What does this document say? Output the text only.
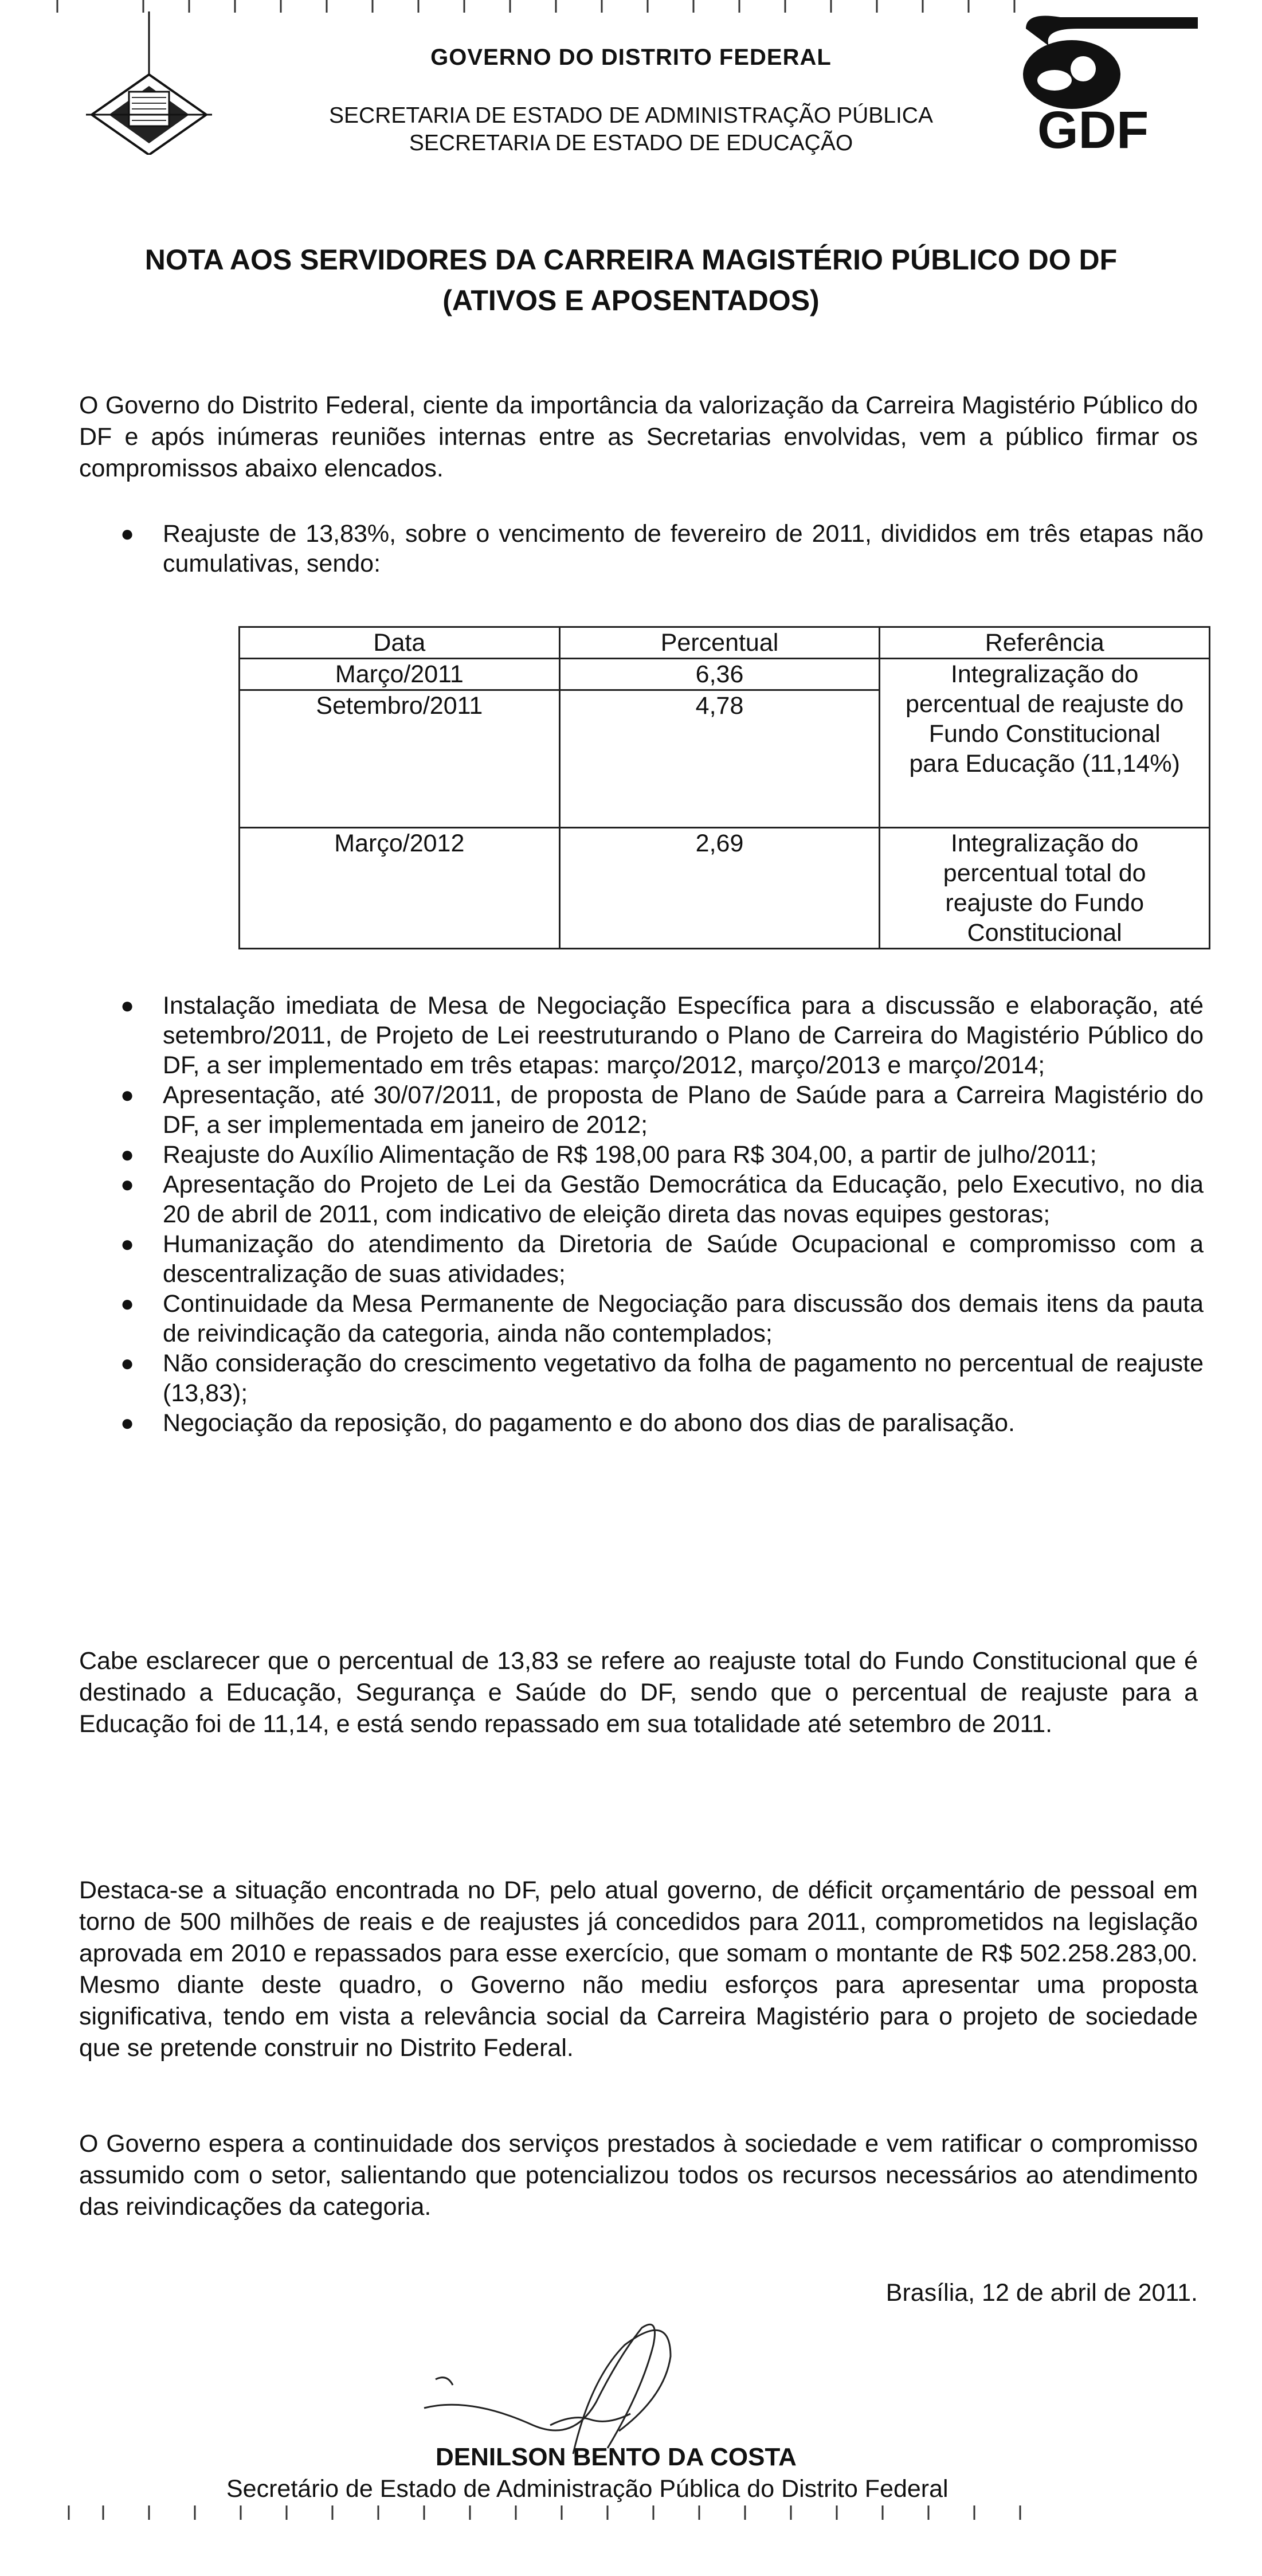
GOVERNO DO DISTRITO FEDERAL
SECRETARIA DE ESTADO DE ADMINISTRAÇÃO PÚBLICA
SECRETARIA DE ESTADO DE EDUCAÇÃO	GDF
NOTA AOS SERVIDORES DA CARREIRA MAGISTÉRIO PÚBLICO DO DF
(ATIVOS E APOSENTADOS)
O Governo do Distrito Federal, ciente da importância da valorização da Carreira Magistério Público do DF e após inúmeras reuniões internas entre as Secretarias envolvidas, vem a público firmar os compromissos abaixo elencados.

● Reajuste de 13,83%, sobre o vencimento de fevereiro de 2011, divididos em três etapas não cumulativas, sendo:

Data	Percentual	Referência
Março/2011	6,36	Integralização do percentual de reajuste do Fundo Constitucional para Educação (11,14%)
Setembro/2011	4,78	
Março/2012	2,69	Integralização do percentual total do reajuste do Fundo Constitucional

● Instalação imediata de Mesa de Negociação Específica para a discussão e elaboração, até setembro/2011, de Projeto de Lei reestruturando o Plano de Carreira do Magistério Público do DF, a ser implementado em três etapas: março/2012, março/2013 e março/2014;

● Apresentação, até 30/07/2011, de proposta de Plano de Saúde para a Carreira Magistério do DF, a ser implementada em janeiro de 2012;

● Reajuste do Auxílio Alimentação de R$ 198,00 para R$ 304,00, a partir de julho/2011;

● Apresentação do Projeto de Lei da Gestão Democrática da Educação, pelo Executivo, no dia 20 de abril de 2011, com indicativo de eleição direta das novas equipes gestoras;

● Humanização do atendimento da Diretoria de Saúde Ocupacional e compromisso com a descentralização de suas atividades;

● Continuidade da Mesa Permanente de Negociação para discussão dos demais itens da pauta de reivindicação da categoria, ainda não contemplados;

● Não consideração do crescimento vegetativo da folha de pagamento no percentual de reajuste (13,83);

● Negociação da reposição, do pagamento e do abono dos dias de paralisação.

Cabe esclarecer que o percentual de 13,83 se refere ao reajuste total do Fundo Constitucional que é destinado a Educação, Segurança e Saúde do DF, sendo que o percentual de reajuste para a Educação foi de 11,14, e está sendo repassado em sua totalidade até setembro de 2011.
Destaca-se a situação encontrada no DF, pelo atual governo, de déficit orçamentário de pessoal em torno de 500 milhões de reais e de reajustes já concedidos para 2011, comprometidos na legislação aprovada em 2010 e repassados para esse exercício, que somam o montante de R$ 502.258.283,00. Mesmo diante deste quadro, o Governo não mediu esforços para apresentar uma proposta significativa, tendo em vista a relevância social da Carreira Magistério para o projeto de sociedade que se pretende construir no Distrito Federal.
O Governo espera a continuidade dos serviços prestados à sociedade e vem ratificar o compromisso assumido com o setor, salientando que potencializou todos os recursos necessários ao atendimento das reivindicações da categoria.
Brasília, 12 de abril de 2011.
DENILSON BENTO DA COSTA
Secretário de Estado de Administração Pública do Distrito Federal
